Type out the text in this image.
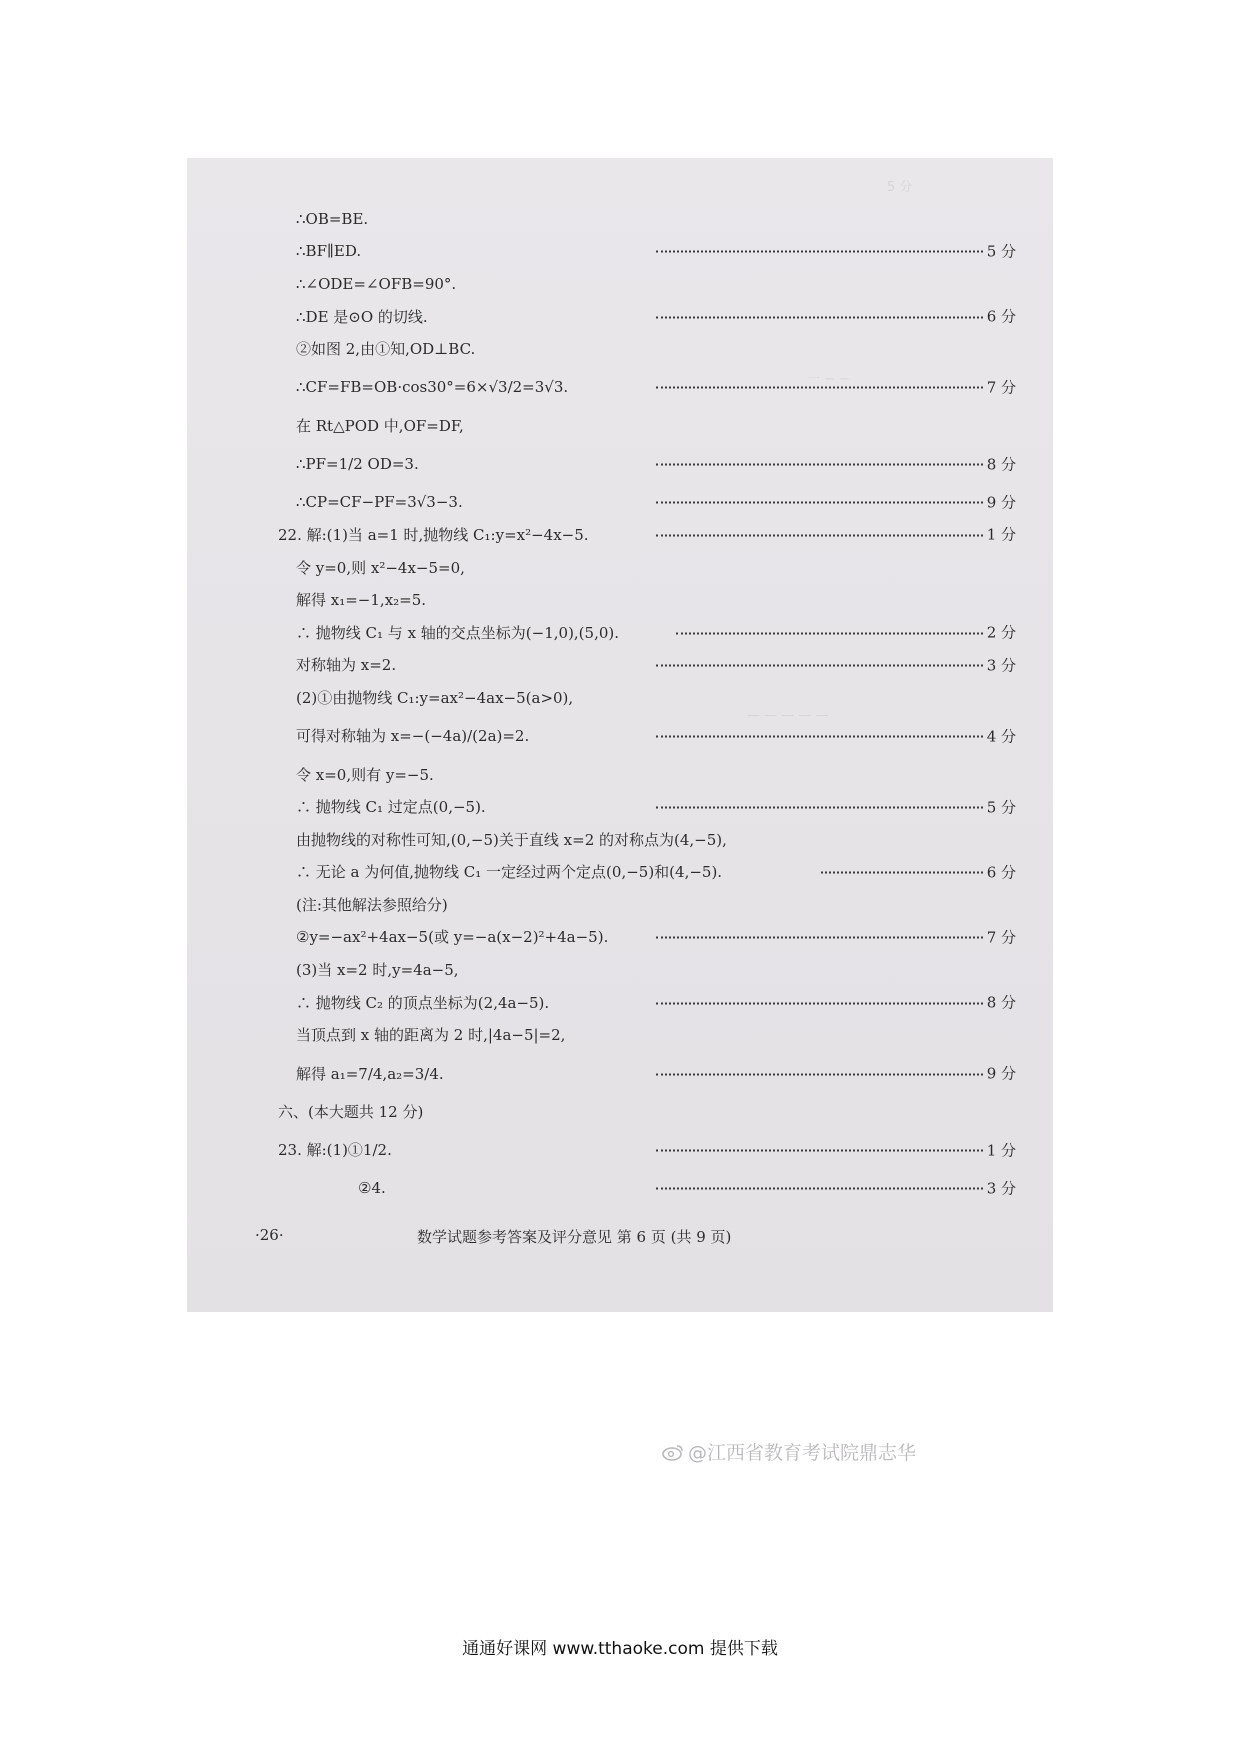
5 分
一 − −
— — — — —
@江西省教育考试院鼎志华
∴OB=BE.
∴BF∥ED.	5 分
∴∠ODE=∠OFB=90°.
∴DE 是⊙O 的切线.	6 分
②如图 2,由①知,OD⊥BC.
∴CF=FB=OB·cos30°=6×√3/2=3√3.	7 分
在 Rt△POD 中,OF=DF,
∴PF=1/2 OD=3.	8 分
∴CP=CF−PF=3√3−3.	9 分
22. 解:(1)当 a=1 时,抛物线 C₁:y=x²−4x−5.	1 分
令 y=0,则 x²−4x−5=0,
解得 x₁=−1,x₂=5.
∴ 抛物线 C₁ 与 x 轴的交点坐标为(−1,0),(5,0).	2 分
对称轴为 x=2.	3 分
(2)①由抛物线 C₁:y=ax²−4ax−5(a>0),
可得对称轴为 x=−(−4a)/(2a)=2.	4 分
令 x=0,则有 y=−5.
∴ 抛物线 C₁ 过定点(0,−5).	5 分
由抛物线的对称性可知,(0,−5)关于直线 x=2 的对称点为(4,−5),
∴ 无论 a 为何值,抛物线 C₁ 一定经过两个定点(0,−5)和(4,−5).	6 分
(注:其他解法参照给分)
②y=−ax²+4ax−5(或 y=−a(x−2)²+4a−5).	7 分
(3)当 x=2 时,y=4a−5,
∴ 抛物线 C₂ 的顶点坐标为(2,4a−5).	8 分
当顶点到 x 轴的距离为 2 时,|4a−5|=2,
解得 a₁=7/4,a₂=3/4.	9 分
六、(本大题共 12 分)
23. 解:(1)①1/2.	1 分
②4.	3 分
·26·	数学试题参考答案及评分意见 第 6 页 (共 9 页)
通通好课网 www.tthaoke.com 提供下载
